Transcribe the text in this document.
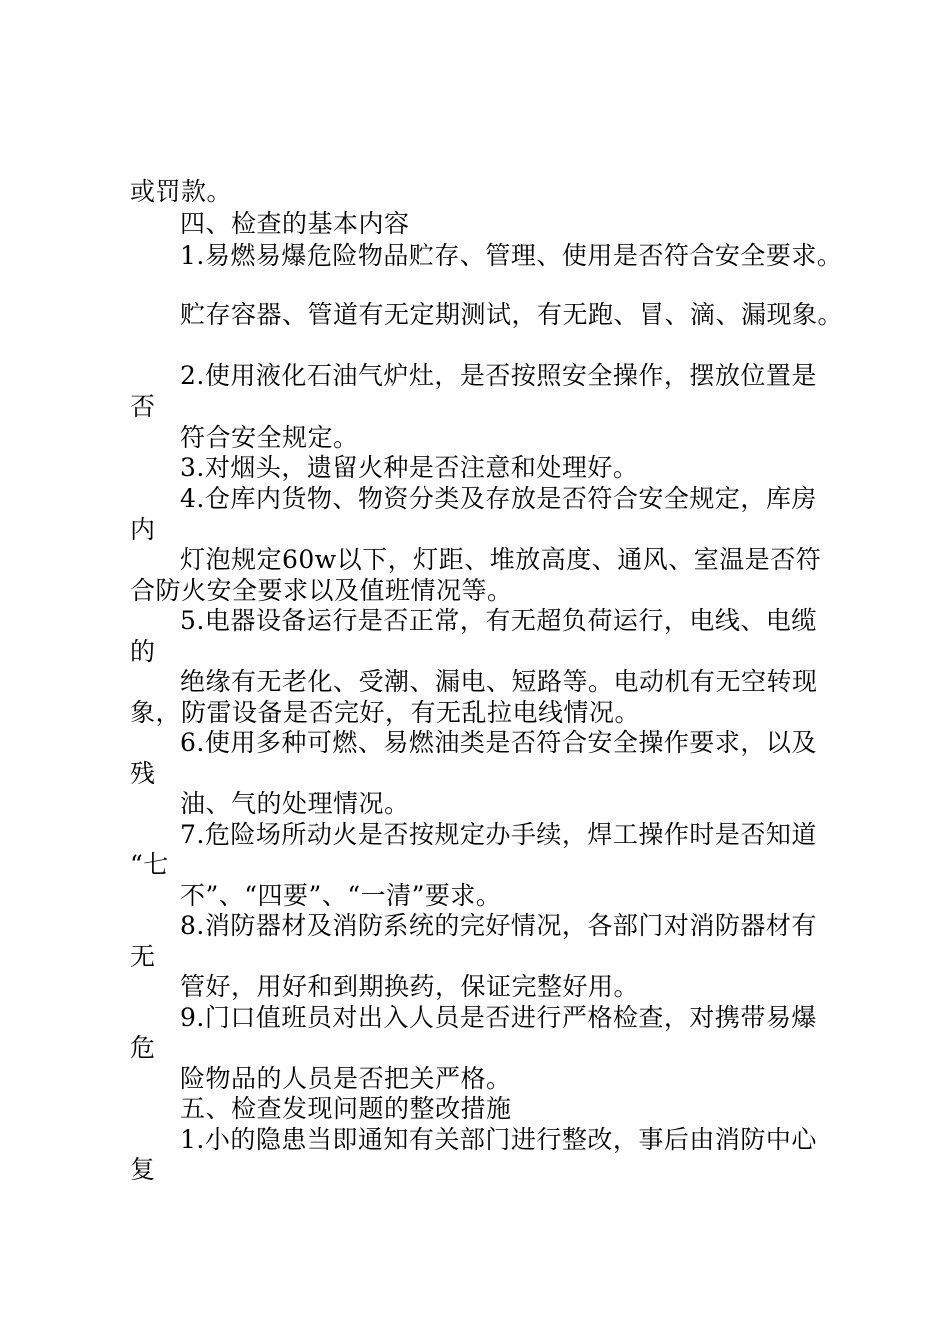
或罚款。
四、检查的基本内容
1.易燃易爆危险物品贮存、管理、使用是否符合安全要求。
贮存容器、管道有无定期测试，有无跑、冒、滴、漏现象。
2.使用液化石油气炉灶，是否按照安全操作，摆放位置是
否
符合安全规定。
3.对烟头，遗留火种是否注意和处理好。
4.仓库内货物、物资分类及存放是否符合安全规定，库房
内
灯泡规定60w以下，灯距、堆放高度、通风、室温是否符
合防火安全要求以及值班情况等。
5.电器设备运行是否正常，有无超负荷运行，电线、电缆
的
绝缘有无老化、受潮、漏电、短路等。电动机有无空转现
象，防雷设备是否完好，有无乱拉电线情况。
6.使用多种可燃、易燃油类是否符合安全操作要求，以及
残
油、气的处理情况。
7.危险场所动火是否按规定办手续，焊工操作时是否知道
“七
不”、“四要”、“一清”要求。
8.消防器材及消防系统的完好情况，各部门对消防器材有
无
管好，用好和到期换药，保证完整好用。
9.门口值班员对出入人员是否进行严格检查，对携带易爆
危
险物品的人员是否把关严格。
五、检查发现问题的整改措施
1.小的隐患当即通知有关部门进行整改，事后由消防中心
复
